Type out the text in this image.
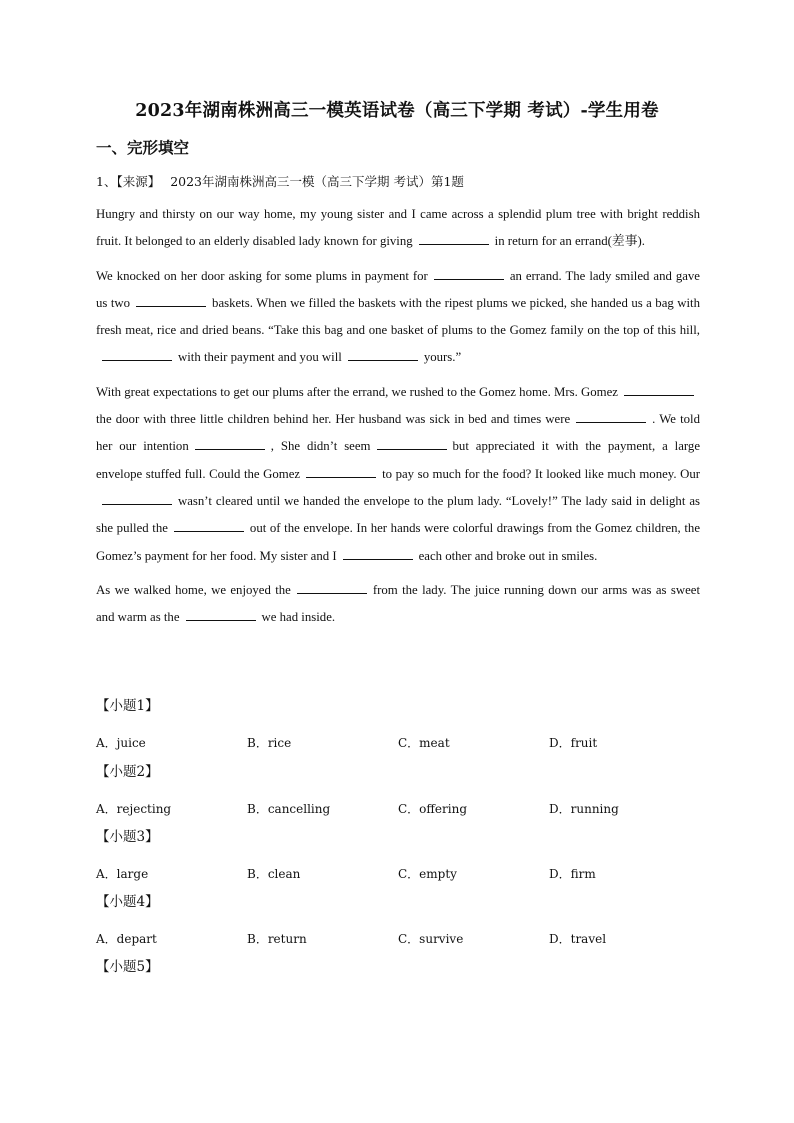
2023年湖南株洲高三一模英语试卷（高三下学期 考试）-学生用卷
一、完形填空
1、【来源】 2023年湖南株洲高三一模（高三下学期 考试）第1题

Hungry and thirsty on our way home, my young sister and I came across a splendid plum tree with bright reddish fruit. It belonged to an elderly disabled lady known for giving	in return for an errand(差事).

We knocked on her door asking for some plums in payment for	an errand. The lady smiled and gave us two	baskets. When we filled the baskets with the ripest plums we picked, she handed us a bag with fresh meat, rice and dried beans. “Take this bag and one basket of plums to the Gomez family on the top of this hill,with their payment and you will	yours.”

With great expectations to get our plums after the errand, we rushed to the Gomez home. Mrs. Gomezthe door with three little children behind her. Her husband was sick in bed and times were	. We told her our intention	, She didn’t seem	but appreciated it with the payment, a large envelope stuffed full. Could the Gomez	to pay so much for the food? It looked like much money. Ourwasn’t cleared until we handed the envelope to the plum lady. “Lovely!” The lady said in delight as she pulled the	out of the envelope. In her hands were colorful drawings from the Gomez children, the Gomez’s payment for her food. My sister and I	each other and broke out in smiles.

As we walked home, we enjoyed the	from the lady. The juice running down our arms was as sweet and warm as the	we had inside.

【小题1】
A．juice	B．rice	C．meat	D．fruit
【小题2】
A．rejecting	B．cancelling	C．offering	D．running
【小题3】
A．large	B．clean	C．empty	D．firm
【小题4】
A．depart	B．return	C．survive	D．travel
【小题5】
